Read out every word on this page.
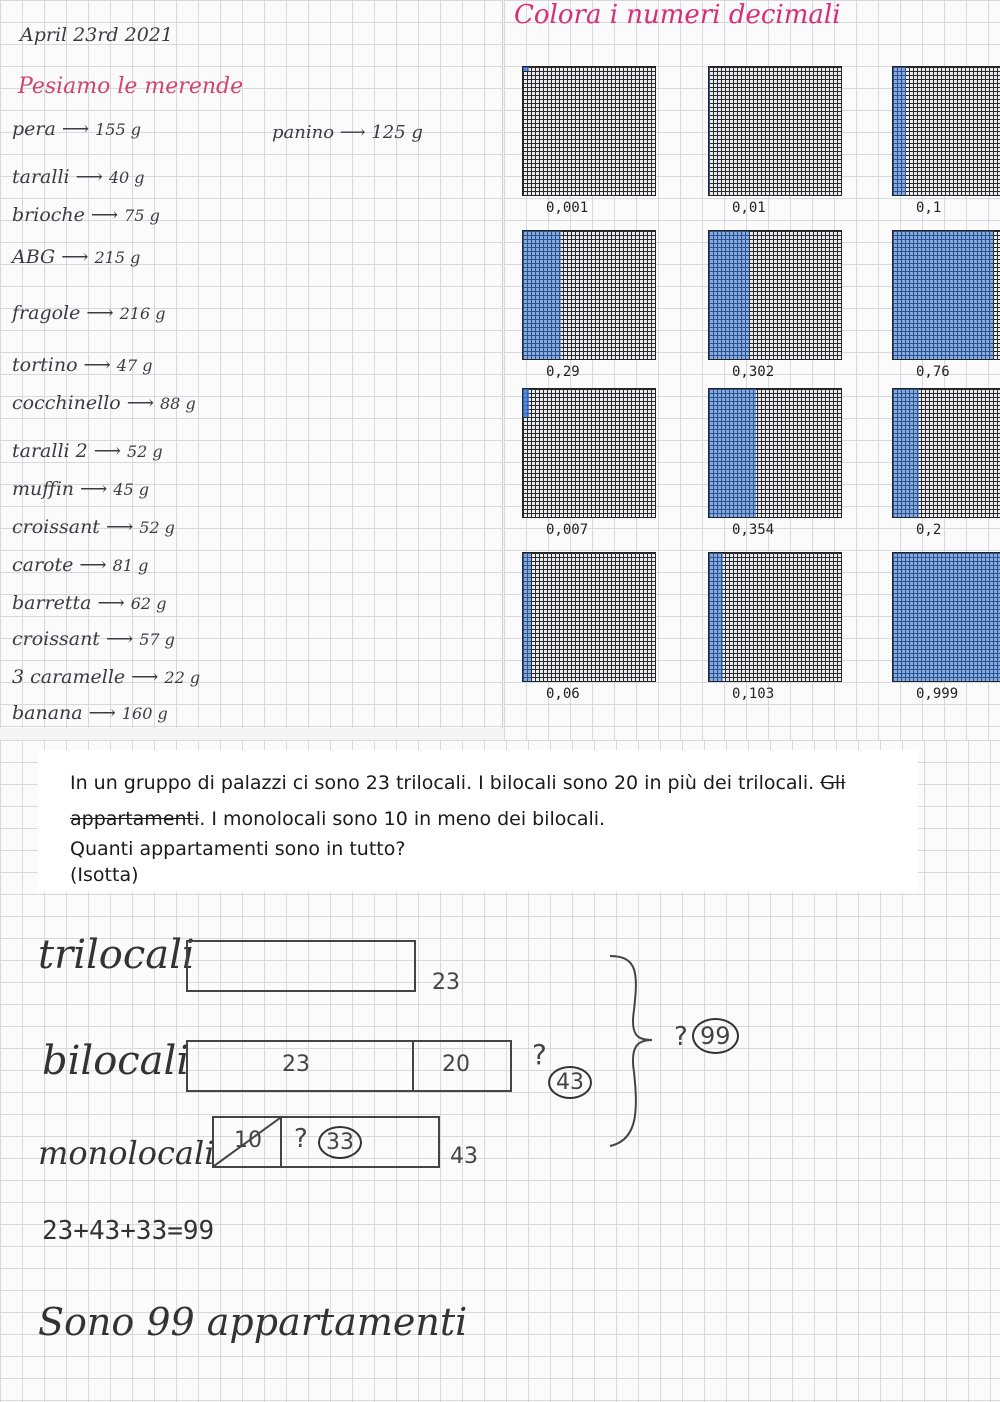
April 23rd 2021
Pesiamo le merende
panino ⟶ 125 g
pera ⟶ 155 g
taralli ⟶ 40 g
brioche ⟶ 75 g
ABG ⟶ 215 g
fragole ⟶ 216 g
tortino ⟶ 47 g
cocchinello ⟶ 88 g
taralli 2 ⟶ 52 g
muffin ⟶ 45 g
croissant ⟶ 52 g
carote ⟶ 81 g
barretta ⟶ 62 g
croissant ⟶ 57 g
3 caramelle ⟶ 22 g
banana ⟶ 160 g
Colora i numeri decimali
0,001	0,01	0,1
0,29	0,302	0,76
0,007	0,354	0,2
0,06	0,103	0,999
In un gruppo di palazzi ci sono 23 trilocali. I bilocali sono 20 in più dei trilocali. Gli
appartamenti. I monolocali sono 10 in meno dei bilocali.
Quanti appartamenti sono in tutto?
(Isotta)
trilocali
23
bilocali	23	20 ?
43
monolocali 10 ? 33
43
? 99
23+43+33=99
Sono 99 appartamenti
